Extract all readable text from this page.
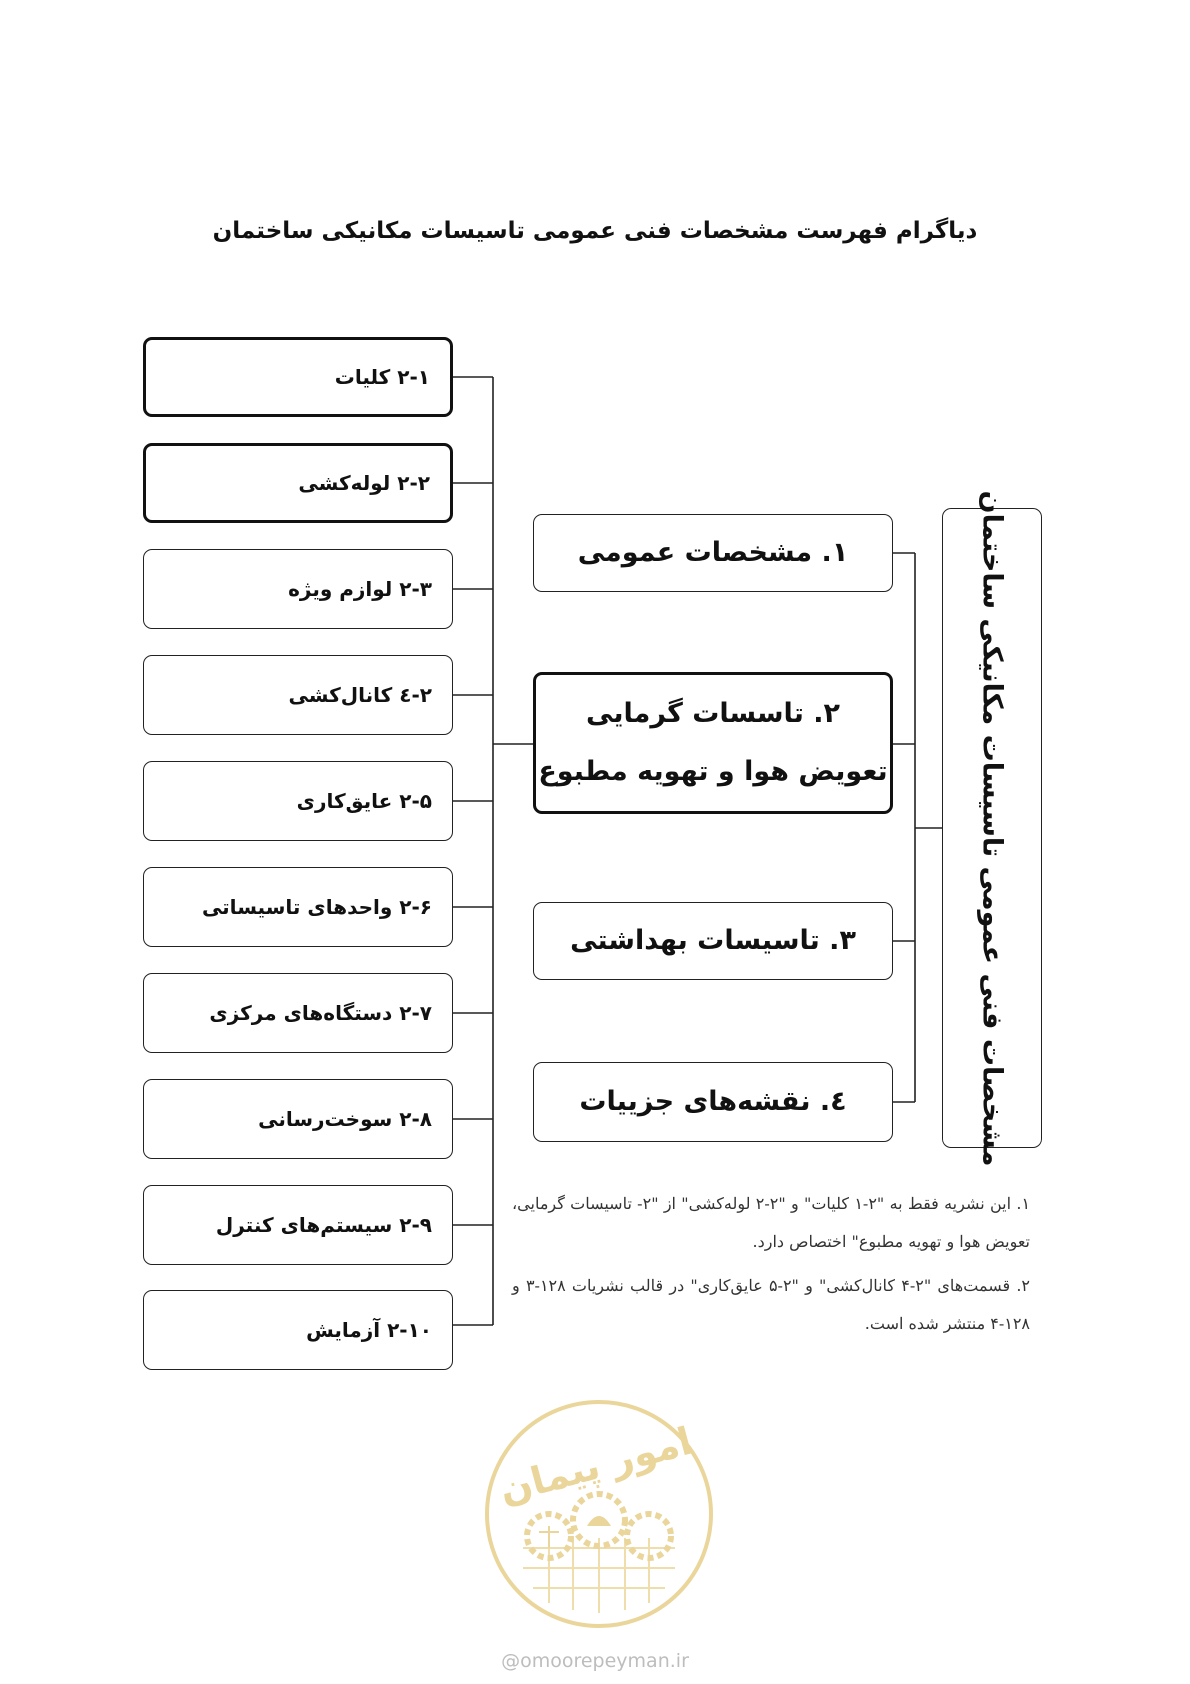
دیاگرام فهرست مشخصات فنی عمومی تاسیسات مکانیکی ساختمان
۲-۱ کلیات
۲-۲ لوله‌کشی
۲-۳ لوازم ویژه
۲-٤ کانال‌کشی
۲-۵ عایق‌کاری
۲-۶ واحدهای تاسیساتی
۲-۷ دستگاه‌های مرکزی
۲-۸ سوخت‌رسانی
۲-۹ سیستم‌های کنترل
۲-۱۰ آزمایش
۱. مشخصات عمومی
۲. تاسسات گرمایی
تعویض هوا و تهویه مطبوع
۳. تاسیسات بهداشتی
٤. نقشه‌های جزییات	مشخصات فنی عمومی تاسیسات مکانیکی ساختمان
۱. این نشریه فقط به "۲-۱ کلیات" و "۲-۲ لوله‌کشی" از "۲- تاسیسات گرمایی، تعویض هوا و تهویه مطبوع" اختصاص دارد.
۲. قسمت‌های "۲-۴ کانال‌کشی" و "۲-۵ عایق‌کاری" در قالب نشریات ۱۲۸-۳ و ۱۲۸-۴ منتشر شده است.
امور پیمان
@omoorepeyman.ir
